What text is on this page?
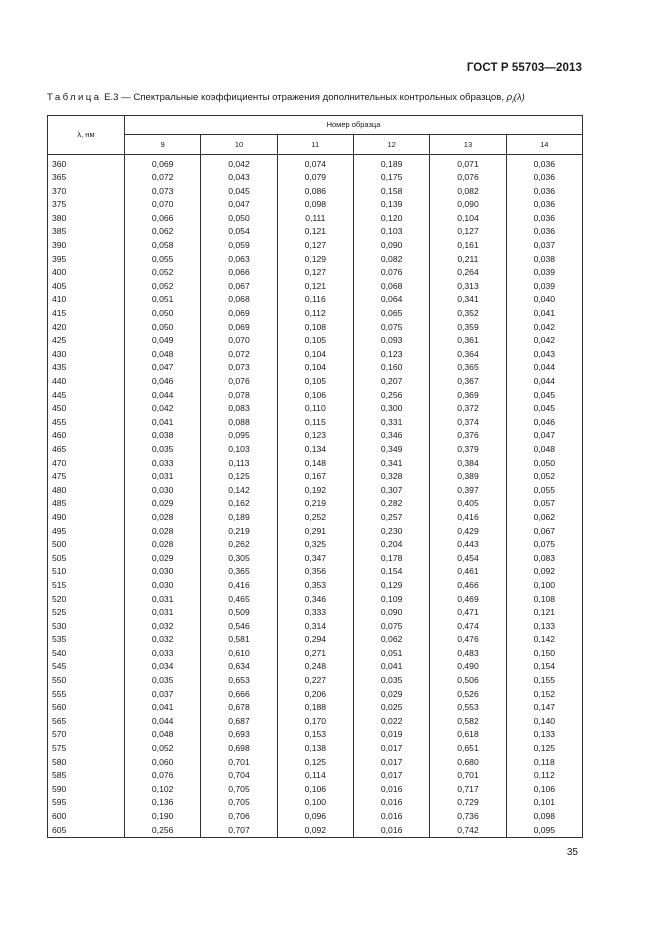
ГОСТ Р 55703—2013
Таблица Е.3 — Спектральные коэффициенты отражения дополнительных контрольных образцов, $\rho_i(\lambda)$
λ, нм	Номер образца					
	9	10	11	12	13	14
360	0,069	0,042	0,074	0,189	0,071	0,036
365	0,072	0,043	0,079	0,175	0,076	0,036
370	0,073	0,045	0,086	0,158	0,082	0,036
375	0,070	0,047	0,098	0,139	0,090	0,036
380	0,066	0,050	0,111	0,120	0,104	0,036
385	0,062	0,054	0,121	0,103	0,127	0,036
390	0,058	0,059	0,127	0,090	0,161	0,037
395	0,055	0,063	0,129	0,082	0,211	0,038
400	0,052	0,066	0,127	0,076	0,264	0,039
405	0,052	0,067	0,121	0,068	0,313	0,039
410	0,051	0,068	0,116	0,064	0,341	0,040
415	0,050	0,069	0,112	0,065	0,352	0,041
420	0,050	0,069	0,108	0,075	0,359	0,042
425	0,049	0,070	0,105	0,093	0,361	0,042
430	0,048	0,072	0,104	0,123	0,364	0,043
435	0,047	0,073	0,104	0,160	0,365	0,044
440	0,046	0,076	0,105	0,207	0,367	0,044
445	0,044	0,078	0,106	0,256	0,369	0,045
450	0,042	0,083	0,110	0,300	0,372	0,045
455	0,041	0,088	0,115	0,331	0,374	0,046
460	0,038	0,095	0,123	0,346	0,376	0,047
465	0,035	0,103	0,134	0,349	0,379	0,048
470	0,033	0,113	0,148	0,341	0,384	0,050
475	0,031	0,125	0,167	0,328	0,389	0,052
480	0,030	0,142	0,192	0,307	0,397	0,055
485	0,029	0,162	0,219	0,282	0,405	0,057
490	0,028	0,189	0,252	0,257	0,416	0,062
495	0,028	0,219	0,291	0,230	0,429	0,067
500	0,028	0,262	0,325	0,204	0,443	0,075
505	0,029	0,305	0,347	0,178	0,454	0,083
510	0,030	0,365	0,356	0,154	0,461	0,092
515	0,030	0,416	0,353	0,129	0,466	0,100
520	0,031	0,465	0,346	0,109	0,469	0,108
525	0,031	0,509	0,333	0,090	0,471	0,121
530	0,032	0,546	0,314	0,075	0,474	0,133
535	0,032	0,581	0,294	0,062	0,476	0,142
540	0,033	0,610	0,271	0,051	0,483	0,150
545	0,034	0,634	0,248	0,041	0,490	0,154
550	0,035	0,653	0,227	0,035	0,506	0,155
555	0,037	0,666	0,206	0,029	0,526	0,152
560	0,041	0,678	0,188	0,025	0,553	0,147
565	0,044	0,687	0,170	0,022	0,582	0,140
570	0,048	0,693	0,153	0,019	0,618	0,133
575	0,052	0,698	0,138	0,017	0,651	0,125
580	0,060	0,701	0,125	0,017	0,680	0,118
585	0,076	0,704	0,114	0,017	0,701	0,112
590	0,102	0,705	0,106	0,016	0,717	0,106
595	0,136	0,705	0,100	0,016	0,729	0,101
600	0,190	0,706	0,096	0,016	0,736	0,098
605	0,256	0,707	0,092	0,016	0,742	0,095
35
